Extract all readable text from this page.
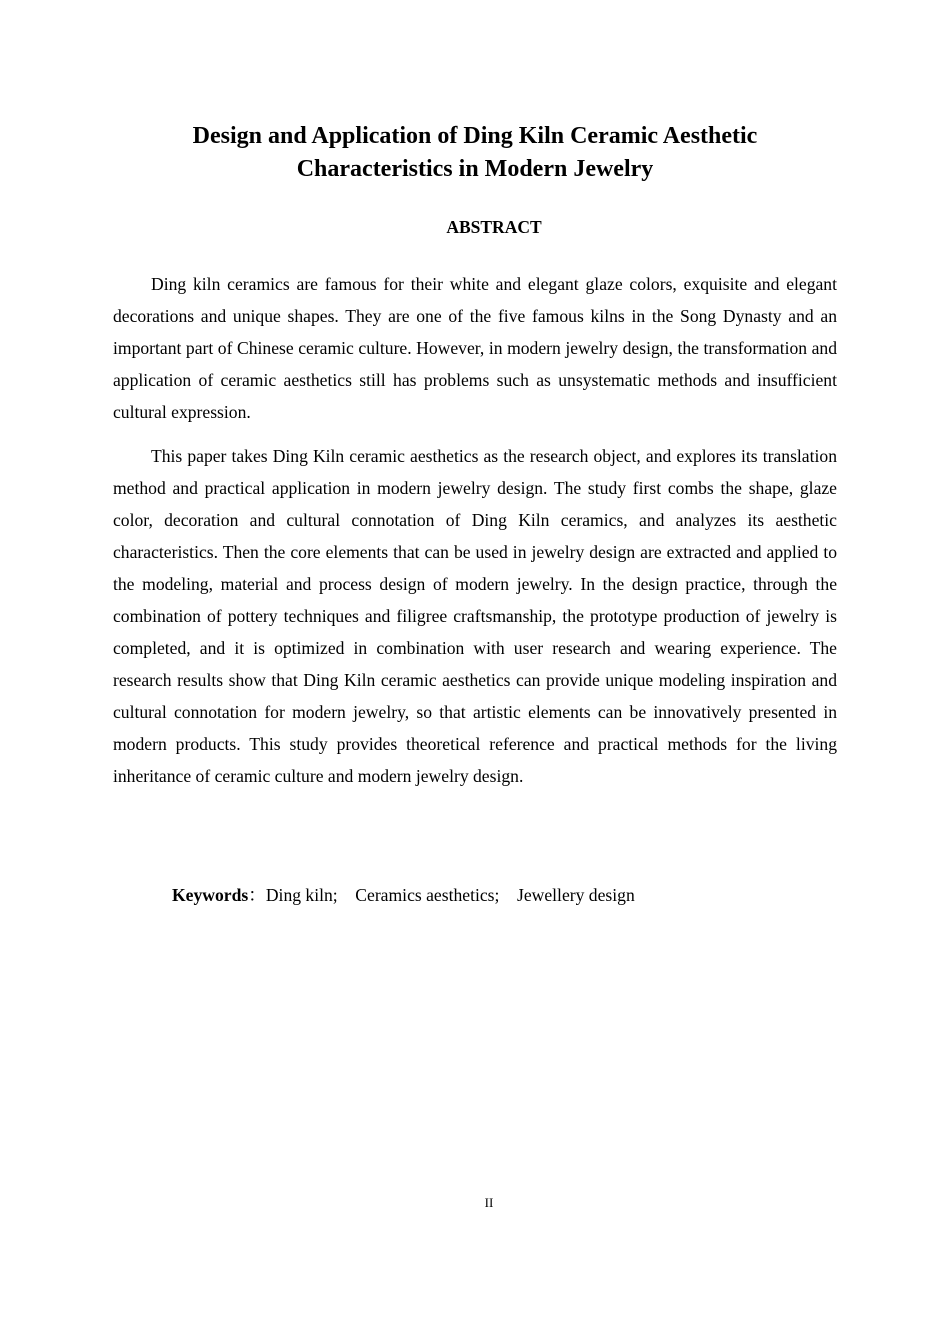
Design and Application of Ding Kiln Ceramic Aesthetic
Characteristics in Modern Jewelry
ABSTRACT

Ding kiln ceramics are famous for their white and elegant glaze colors, exquisite and elegant decorations and unique shapes. They are one of the five famous kilns in the Song Dynasty and an important part of Chinese ceramic culture. However, in modern jewelry design, the transformation and application of ceramic aesthetics still has problems such as unsystematic methods and insufficient cultural expression.

This paper takes Ding Kiln ceramic aesthetics as the research object, and explores its translation method and practical application in modern jewelry design. The study first combs the shape, glaze color, decoration and cultural connotation of Ding Kiln ceramics, and analyzes its aesthetic characteristics. Then the core elements that can be used in jewelry design are extracted and applied to the modeling, material and process design of modern jewelry. In the design practice, through the combination of pottery techniques and filigree craftsmanship, the prototype production of jewelry is completed, and it is optimized in combination with user research and wearing experience. The research results show that Ding Kiln ceramic aesthetics can provide unique modeling inspiration and cultural connotation for modern jewelry, so that artistic elements can be innovatively presented in modern products. This study provides theoretical reference and practical methods for the living inheritance of ceramic culture and modern jewelry design.

Keywords：Ding kiln;    Ceramics aesthetics;    Jewellery design
II
